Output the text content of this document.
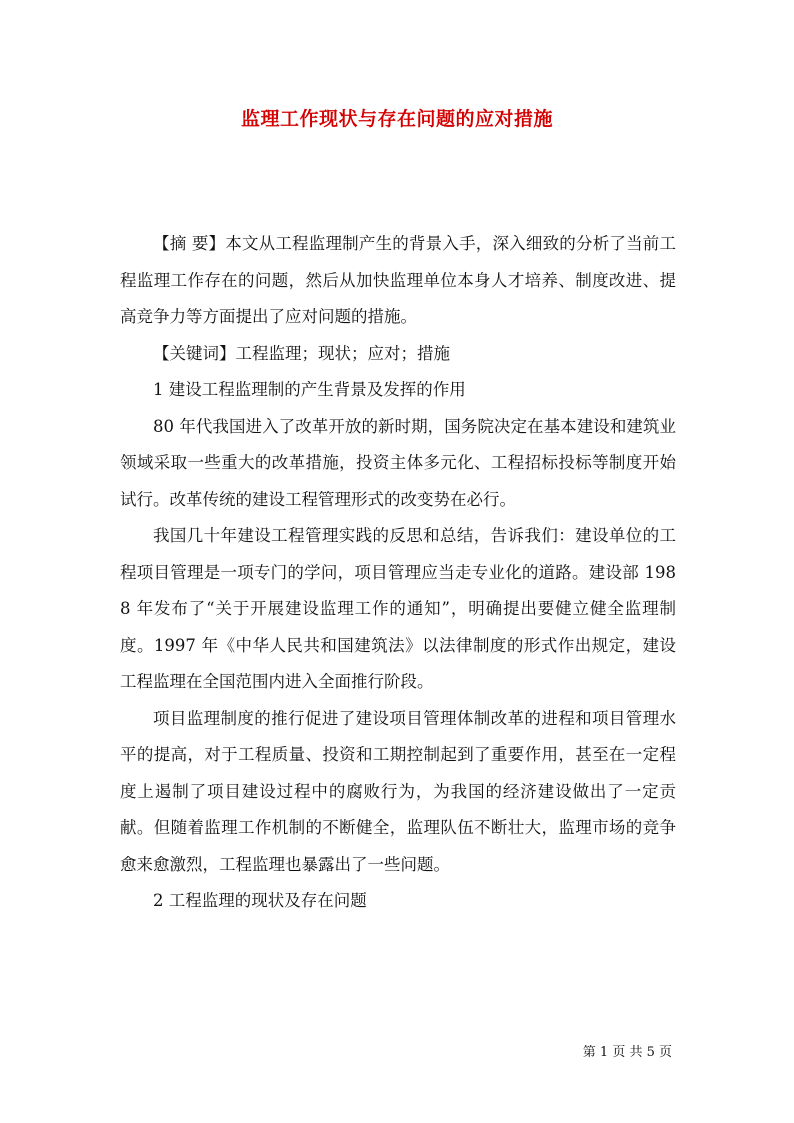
监理工作现状与存在问题的应对措施

【摘 要】本文从工程监理制产生的背景入手，深入细致的分析了当前工程监理工作存在的问题，然后从加快监理单位本身人才培养、制度改进、提高竞争力等方面提出了应对问题的措施。

【关键词】工程监理；现状；应对；措施

1 建设工程监理制的产生背景及发挥的作用

80 年代我国进入了改革开放的新时期，国务院决定在基本建设和建筑业领域采取一些重大的改革措施，投资主体多元化、工程招标投标等制度开始试行。改革传统的建设工程管理形式的改变势在必行。

我国几十年建设工程管理实践的反思和总结，告诉我们：建设单位的工程项目管理是一项专门的学问，项目管理应当走专业化的道路。建设部 1988 年发布了“关于开展建设监理工作的通知”，明确提出要健立健全监理制度。1997 年《中华人民共和国建筑法》以法律制度的形式作出规定，建设工程监理在全国范围内进入全面推行阶段。

项目监理制度的推行促进了建设项目管理体制改革的进程和项目管理水平的提高，对于工程质量、投资和工期控制起到了重要作用，甚至在一定程度上遏制了项目建设过程中的腐败行为，为我国的经济建设做出了一定贡献。但随着监理工作机制的不断健全，监理队伍不断壮大，监理市场的竞争愈来愈激烈，工程监理也暴露出了一些问题。

2 工程监理的现状及存在问题

第 1 页 共 5 页
